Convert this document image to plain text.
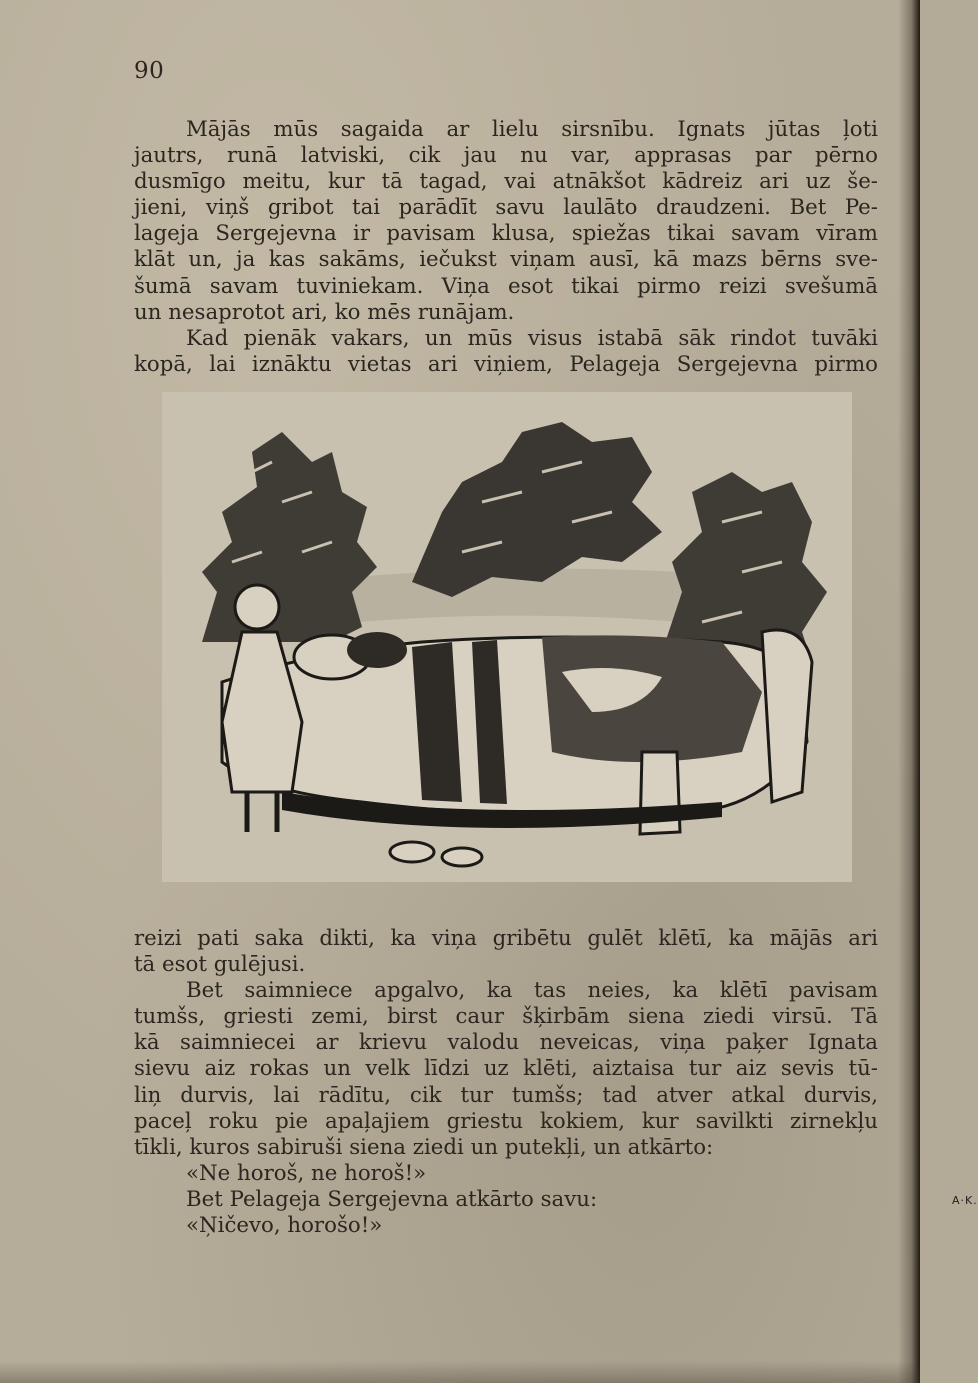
90
Mājās mūs sagaida ar lielu sirsnību. Ignats jūtas ļoti
jautrs, runā latviski, cik jau nu var, apprasas par pērno
dusmīgo meitu, kur tā tagad, vai atnākšot kādreiz ari uz še-
jieni, viņš gribot tai parādīt savu laulāto draudzeni. Bet Pe-
lageja Sergejevna ir pavisam klusa, spiežas tikai savam vīram
klāt un, ja kas sakāms, iečukst viņam ausī, kā mazs bērns sve-
šumā savam tuviniekam. Viņa esot tikai pirmo reizi svešumā
un nesaprotot ari, ko mēs runājam.
Kad pienāk vakars, un mūs visus istabā sāk rindot tuvāki
kopā, lai iznāktu vietas ari viņiem, Pelageja Sergejevna pirmo
A·K.
reizi pati saka dikti, ka viņa gribētu gulēt klētī, ka mājās ari
tā esot gulējusi.
Bet saimniece apgalvo, ka tas neies, ka klētī pavisam
tumšs, griesti zemi, birst caur šķirbām siena ziedi virsū. Tā
kā saimniecei ar krievu valodu neveicas, viņa paķer Ignata
sievu aiz rokas un velk līdzi uz klēti, aiztaisa tur aiz sevis tū-
liņ durvis, lai rādītu, cik tur tumšs; tad atver atkal durvis,
paceļ roku pie apaļajiem griestu kokiem, kur savilkti zirnekļu
tīkli, kuros sabiruši siena ziedi un putekļi, un atkārto:
«Ne horoš, ne horoš!»
Bet Pelageja Sergejevna atkārto savu:
«Ņičevo, horošo!»
